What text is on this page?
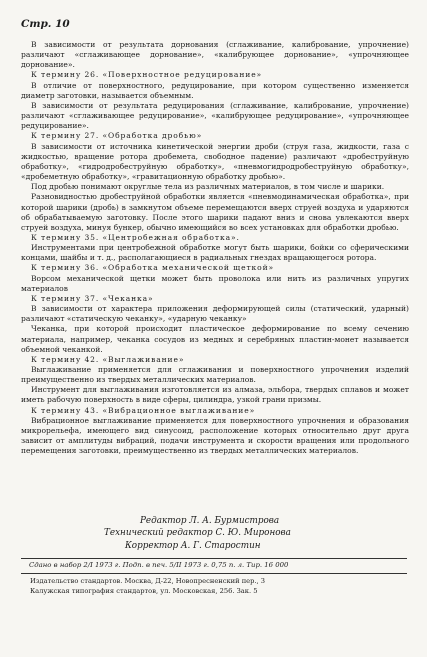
Стр. 10

В зависимости от результата дорнования (сглаживание, калибрование, упрочнение) различают «сглаживающее дорнование», «калибрующее дорнование», «упрочняющее дорнование».

К термину 26. «Поверхностное редуцирование»

В отличие от поверхностного, редуцирование, при котором существенно изменяется диаметр заготовки, называется объемным.

В зависимости от результата редуцирования (сглаживание, калибрование, упрочнение) различают «сглаживающее редуцирование», «калибрующее редуцирование», «упрочняющее редуцирование».

К термину 27. «Обработка дробью»

В зависимости от источника кинетической энергии дроби (струя газа, жидкости, газа с жидкостью, вращение ротора дробемета, свободное падение) различают «дробеструйную обработку», «гидродробеструйную обработку», «пневмогидродробеструйную обработку», «дробеметную обработку», «гравитационную обработку дробью».

Под дробью понимают округлые тела из различных материалов, в том числе и шарики.

Разновидностью дробеструйной обработки является «пневмодинамическая обработка», при которой шарики (дробь) в замкнутом объеме перемещаются вверх струей воздуха и ударяются об обрабатываемую заготовку. После этого шарики падают вниз и снова увлекаются вверх струей воздуха, минуя бункер, обычно имеющийся во всех установках для обработки дробью.

К термину 35. «Центробежная обработка».

Инструментами при центробежной обработке могут быть шарики, бойки со сферическими концами, шайбы и т. д., располагающиеся в радиальных гнездах вращающегося ротора.

К термину 36. «Обработка механической щеткой»

Ворсом механической щетки может быть проволока или нить из различных упругих материалов

К термину 37. «Чеканка»

В зависимости от характера приложения деформирующей силы (статический, ударный) различают «статическую чеканку», «ударную чеканку»

Чеканка, при которой происходит пластическое деформирование по всему сечению материала, например, чеканка сосудов из медных и серебряных пластин-монет называется объемной чеканкой.

К термину 42. «Выглаживание»

Выглаживание применяется для сглаживания и поверхностного упрочнения изделий преимущественно из твердых металлических материалов.

Инструмент для выглаживания изготовляется из алмаза, эльбора, твердых сплавов и может иметь рабочую поверхность в виде сферы, цилиндра, узкой грани призмы.

К термину 43. «Вибрационное выглаживание»

Вибрационное выглаживание применяется для поверхностного упрочнения и образования микрорельефа, имеющего вид синусоид, расположение которых относительно друг друга зависит от амплитуды вибраций, подачи инструмента и скорости вращения или продольного перемещения заготовки, преимущественно из твердых металлических материалов.

Редактор Л. А. Бурмистрова
Технический редактор С. Ю. Миронова
Корректор А. Г. Старостин
Сдано в набор 2/I 1973 г. Подп. в печ. 5/II 1973 г. 0,75 п. л. Тир. 16 000
Издательство стандартов. Москва, Д-22, Новопресненский пер., 3
Калужская типография стандартов, ул. Московская, 256. Зак. 5
